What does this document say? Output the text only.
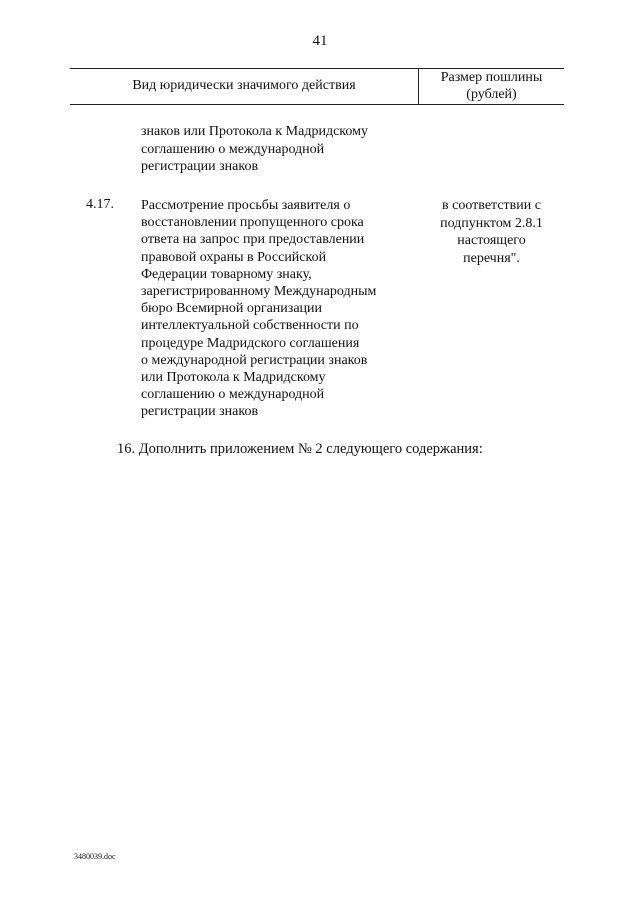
41
Вид юридически значимого действия
Размер пошлины
(рублей)
знаков или Протокола к Мадридскому
соглашению о международной
регистрации знаков
4.17. Рассмотрение просьбы заявителя о
восстановлении пропущенного срока
ответа на запрос при предоставлении
правовой охраны в Российской
Федерации товарному знаку,
зарегистрированному Международным
бюро Всемирной организации
интеллектуальной собственности по
процедуре Мадридского соглашения
о международной регистрации знаков
или Протокола к Мадридскому
соглашению о международной
регистрации знаков
в соответствии с
подпунктом 2.8.1
настоящего
перечня".
16. Дополнить приложением № 2 следующего содержания:
3480039.doc
